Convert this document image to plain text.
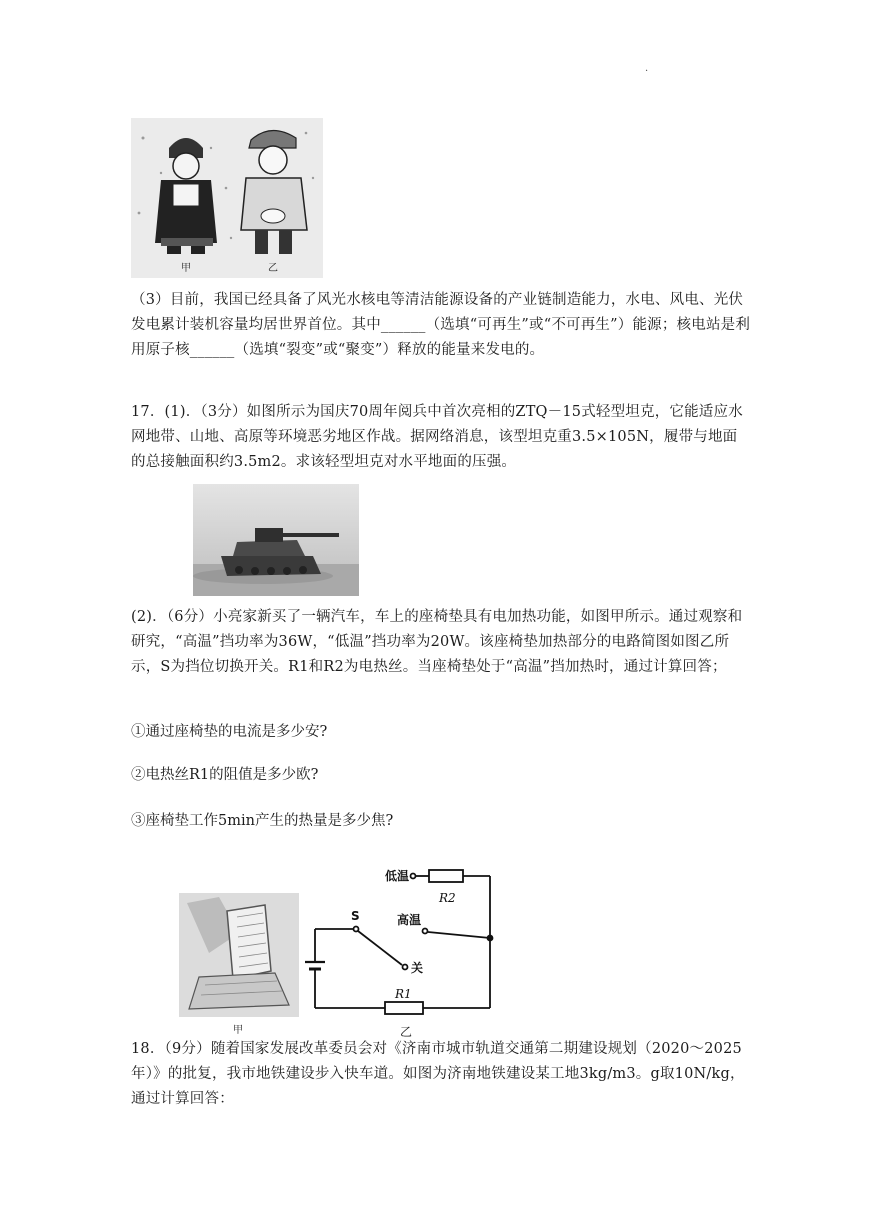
·
甲	乙

（3）目前，我国已经具备了风光水核电等清洁能源设备的产业链制造能力，水电、风电、光伏发电累计装机容量均居世界首位。其中______（选填“可再生”或“不可再生”）能源；核电站是利用原子核______（选填“裂变”或“聚变”）释放的能量来发电的。

17．(1)．（3分）如图所示为国庆70周年阅兵中首次亮相的ZTQ－15式轻型坦克，它能适应水网地带、山地、高原等环境恶劣地区作战。据网络消息，该型坦克重3.5×105N，履带与地面的总接触面积约3.5m2。求该轻型坦克对水平地面的压强。

(2)．（6分）小亮家新买了一辆汽车，车上的座椅垫具有电加热功能，如图甲所示。通过观察和研究，“高温”挡功率为36W，“低温”挡功率为20W。该座椅垫加热部分的电路简图如图乙所示，S为挡位切换开关。R1和R2为电热丝。当座椅垫处于“高温”挡加热时，通过计算回答；

①通过座椅垫的电流是多少安?

②电热丝R1的阻值是多少欧?

③座椅垫工作5min产生的热量是多少焦?

甲
低温
高温
关
S
R2
R1
乙

18．（9分）随着国家发展改革委员会对《济南市城市轨道交通第二期建设规划（2020～2025年）》的批复，我市地铁建设步入快车道。如图为济南地铁建设某工地3kg/m3。g取10N/kg，通过计算回答：
